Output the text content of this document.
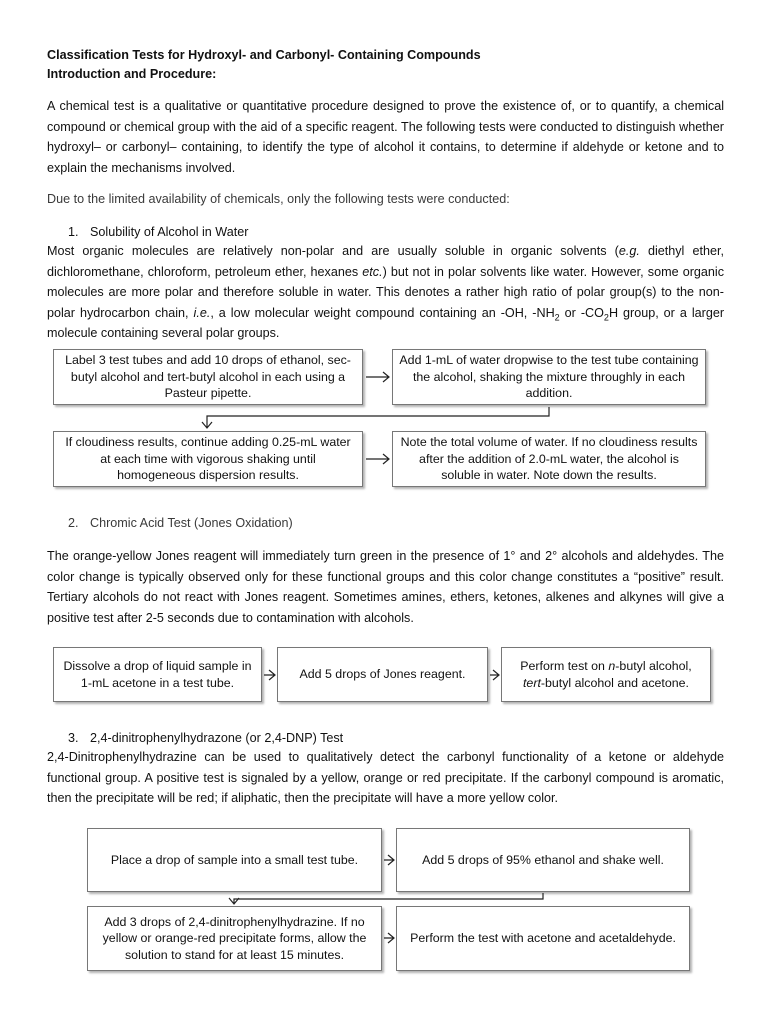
Classification Tests for Hydroxyl- and Carbonyl- Containing Compounds
Introduction and Procedure:

A chemical test is a qualitative or quantitative procedure designed to prove the existence of, or to quantify, a chemical compound or chemical group with the aid of a specific reagent. The following tests were conducted to distinguish whether hydroxyl– or carbonyl– containing, to identify the type of alcohol it contains, to determine if aldehyde or ketone and to explain the mechanisms involved.

Due to the limited availability of chemicals, only the following tests were conducted:

1. Solubility of Alcohol in Water

Most organic molecules are relatively non-polar and are usually soluble in organic solvents (e.g. diethyl ether, dichloromethane, chloroform, petroleum ether, hexanes etc.) but not in polar solvents like water. However, some organic molecules are more polar and therefore soluble in water. This denotes a rather high ratio of polar group(s) to the non-polar hydrocarbon chain, i.e., a low molecular weight compound containing an -OH, $-NH_2$ or $-CO_2H$ group, or a larger molecule containing several polar groups.

Label 3 test tubes and add 10 drops of ethanol, sec-butyl alcohol and tert-butyl alcohol in each using a Pasteur pipette.
Add 1-mL of water dropwise to the test tube containing the alcohol, shaking the mixture throughly in each addition.
If cloudiness results, continue adding 0.25-mL water at each time with vigorous shaking until homogeneous dispersion results.
Note the total volume of water. If no cloudiness results after the addition of 2.0-mL water, the alcohol is soluble in water. Note down the results.
2. Chromic Acid Test (Jones Oxidation)

The orange-yellow Jones reagent will immediately turn green in the presence of 1° and 2° alcohols and aldehydes. The color change is typically observed only for these functional groups and this color change constitutes a “positive” result. Tertiary alcohols do not react with Jones reagent. Sometimes amines, ethers, ketones, alkenes and alkynes will give a positive test after 2-5 seconds due to contamination with alcohols.

Dissolve a drop of liquid sample in 1-mL acetone in a test tube.
Add 5 drops of Jones reagent.
Perform test on n-butyl alcohol,
tert-butyl alcohol and acetone.
3. 2,4-dinitrophenylhydrazone (or 2,4-DNP) Test

2,4-Dinitrophenylhydrazine can be used to qualitatively detect the carbonyl functionality of a ketone or aldehyde functional group. A positive test is signaled by a yellow, orange or red precipitate. If the carbonyl compound is aromatic, then the precipitate will be red; if aliphatic, then the precipitate will have a more yellow color.

Place a drop of sample into a small test tube.	Add 5 drops of 95% ethanol and shake well.
Add 3 drops of 2,4-dinitrophenylhydrazine. If no yellow or orange-red precipitate forms, allow the solution to stand for at least 15 minutes.
Perform the test with acetone and acetaldehyde.
